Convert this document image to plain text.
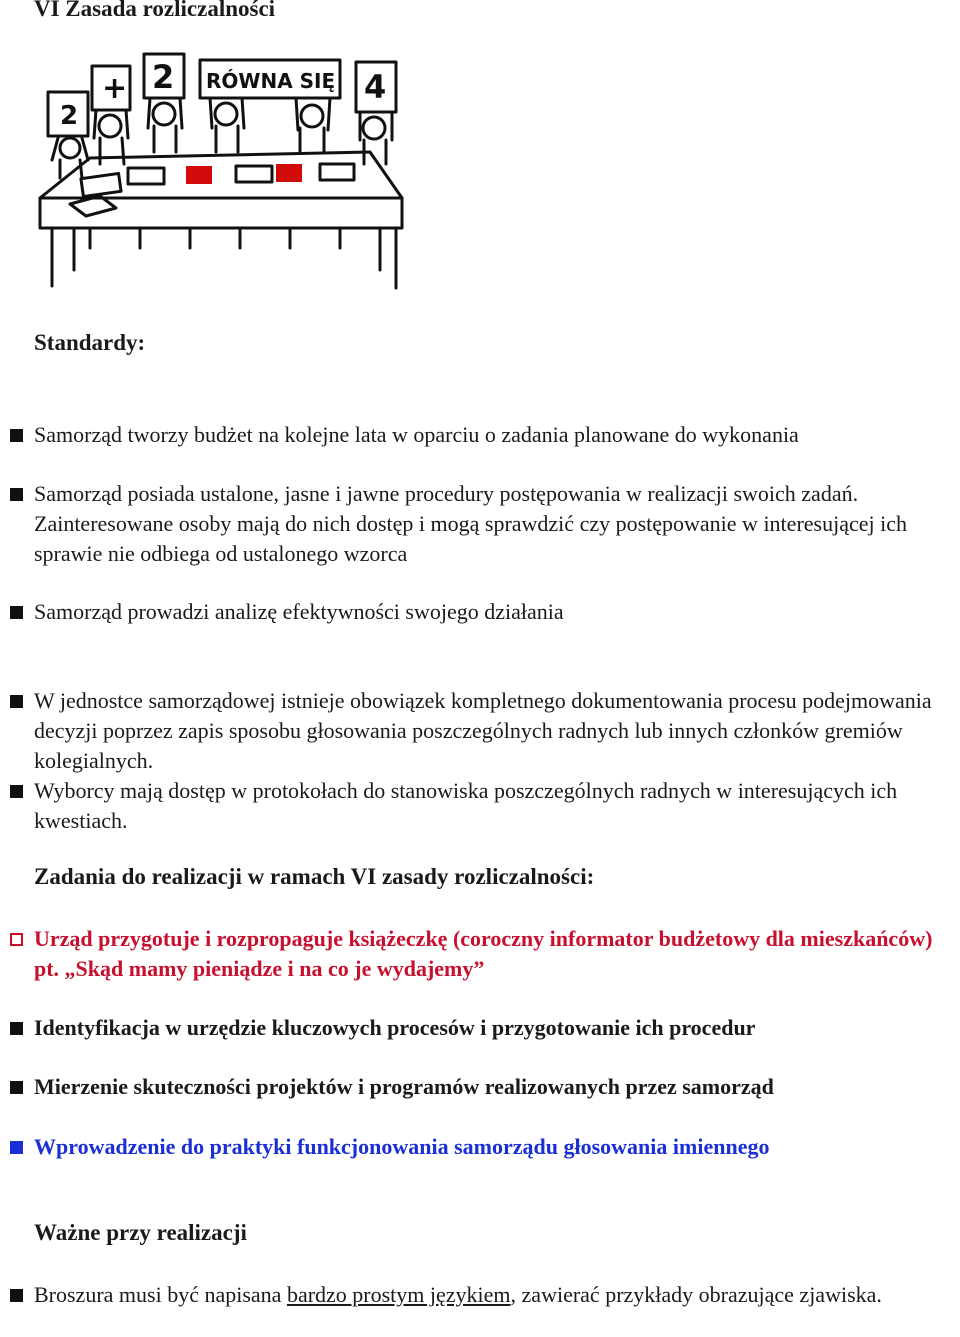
VI Zasada rozliczalności
2
+ 2 RÓWNA SIĘ 4
Standardy:
Samorząd tworzy budżet na kolejne lata w oparciu o zadania planowane do wykonania
Samorząd posiada ustalone, jasne i jawne procedury postępowania w realizacji swoich zadań. Zainteresowane osoby mają do nich dostęp i mogą sprawdzić czy postępowanie w interesującej ich sprawie nie odbiega od ustalonego wzorca
Samorząd prowadzi analizę efektywności swojego działania
W jednostce samorządowej istnieje obowiązek kompletnego dokumentowania procesu podejmowania decyzji poprzez zapis sposobu głosowania poszczególnych radnych lub innych członków gremiów kolegialnych.
Wyborcy mają dostęp w protokołach do stanowiska poszczególnych radnych w interesujących ich kwestiach.
Zadania do realizacji w ramach VI zasady rozliczalności:
Urząd przygotuje i rozpropaguje książeczkę (coroczny informator budżetowy dla mieszkańców) pt. „Skąd mamy pieniądze i na co je wydajemy”
Identyfikacja w urzędzie kluczowych procesów i przygotowanie ich procedur
Mierzenie skuteczności projektów i programów realizowanych przez samorząd
Wprowadzenie do praktyki funkcjonowania samorządu głosowania imiennego
Ważne przy realizacji
Broszura musi być napisana bardzo prostym językiem, zawierać przykłady obrazujące zjawiska.
